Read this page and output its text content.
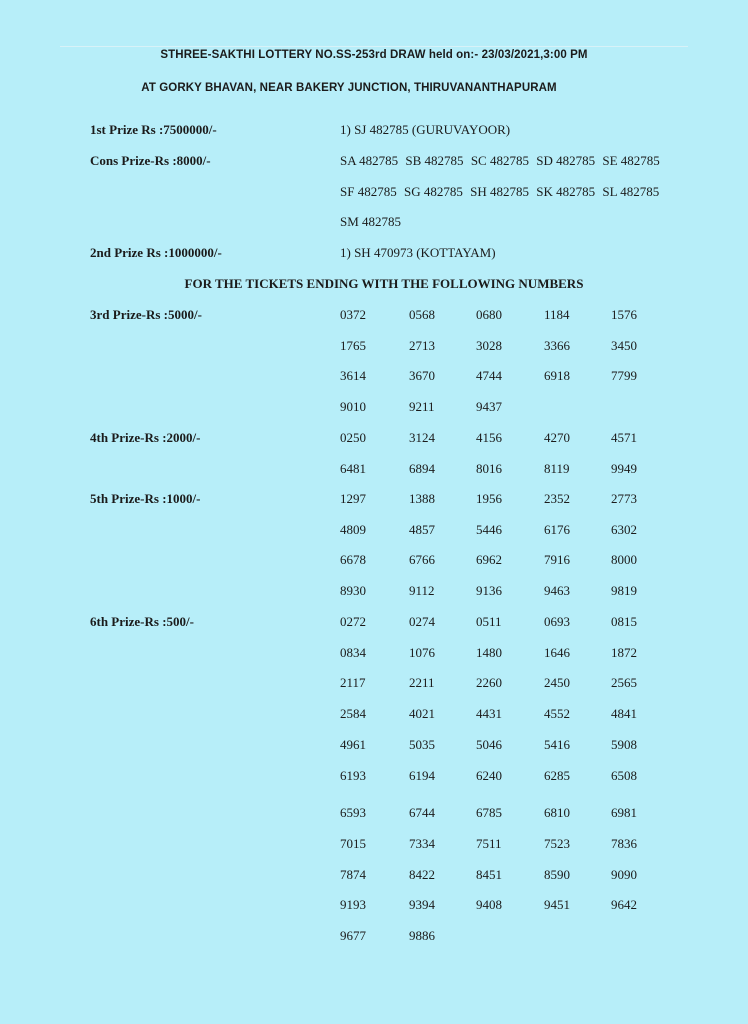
STHREE-SAKTHI LOTTERY NO.SS-253rd DRAW held on:- 23/03/2021,3:00 PM
AT GORKY BHAVAN, NEAR BAKERY JUNCTION, THIRUVANANTHAPURAM
1st Prize Rs :7500000/-	1) SJ 482785 (GURUVAYOOR)
Cons Prize-Rs :8000/-	SA 482785 SB 482785 SC 482785 SD 482785 SE 482785
SF 482785 SG 482785 SH 482785 SK 482785 SL 482785
SM 482785
2nd Prize Rs :1000000/-	1) SH 470973 (KOTTAYAM)
FOR THE TICKETS ENDING WITH THE FOLLOWING NUMBERS
3rd Prize-Rs :5000/-	0372	0568	0680	1184	1576
1765	2713	3028	3366	3450
3614	3670	4744	6918	7799
9010	9211	9437
4th Prize-Rs :2000/-	0250	3124	4156	4270	4571
6481	6894	8016	8119	9949
5th Prize-Rs :1000/-	1297	1388	1956	2352	2773
4809	4857	5446	6176	6302
6678	6766	6962	7916	8000
8930	9112	9136	9463	9819
6th Prize-Rs :500/-	0272	0274	0511	0693	0815
0834	1076	1480	1646	1872
2117	2211	2260	2450	2565
2584	4021	4431	4552	4841
4961	5035	5046	5416	5908
6193	6194	6240	6285	6508
6593	6744	6785	6810	6981
7015	7334	7511	7523	7836
7874	8422	8451	8590	9090
9193	9394	9408	9451	9642
9677	9886
